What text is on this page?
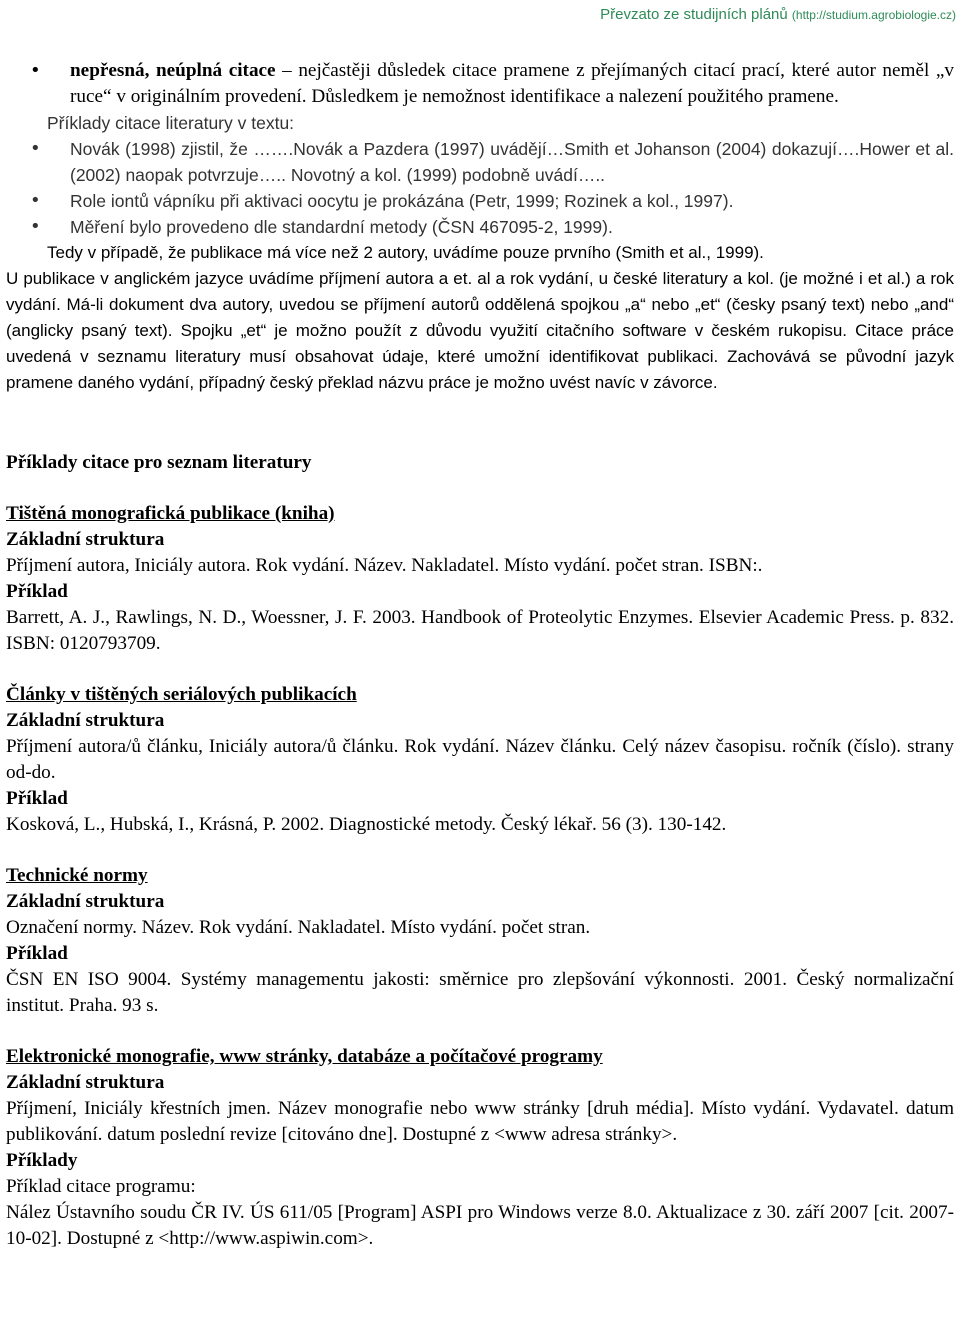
Převzato ze studijních plánů (http://studium.agrobiologie.cz)
• nepřesná, neúplná citace – nejčastěji důsledek citace pramene z přejímaných citací prací, které autor neměl „v ruce“ v originálním provedení. Důsledkem je nemožnost identifikace a nalezení použitého pramene.
Příklady citace literatury v textu:
• Novák (1998) zjistil, že …….Novák a Pazdera (1997) uvádějí…Smith et Johanson (2004) dokazují….Hower et al. (2002) naopak potvrzuje….. Novotný a kol. (1999) podobně uvádí…..
• Role iontů vápníku při aktivaci oocytu je prokázána (Petr, 1999; Rozinek a kol., 1997).
• Měření bylo provedeno dle standardní metody (ČSN 467095-2, 1999).
Tedy v případě, že publikace má více než 2 autory, uvádíme pouze prvního (Smith et al., 1999).
U publikace v anglickém jazyce uvádíme příjmení autora a et. al a rok vydání, u české literatury a kol. (je možné i et al.) a rok vydání. Má-li dokument dva autory, uvedou se příjmení autorů oddělená spojkou „a“ nebo „et“ (česky psaný text) nebo „and“ (anglicky psaný text). Spojku „et“ je možno použít z důvodu využití citačního software v českém rukopisu. Citace práce uvedená v seznamu literatury musí obsahovat údaje, které umožní identifikovat publikaci. Zachovává se původní jazyk pramene daného vydání, případný český překlad názvu práce je možno uvést navíc v závorce.
Příklady citace pro seznam literatury
Tištěná monografická publikace (kniha)
Základní struktura
Příjmení autora, Iniciály autora. Rok vydání. Název. Nakladatel. Místo vydání. počet stran. ISBN:.
Příklad
Barrett, A. J., Rawlings, N. D., Woessner, J. F. 2003. Handbook of Proteolytic Enzymes. Elsevier Academic Press. p. 832. ISBN: 0120793709.
Články v tištěných seriálových publikacích
Základní struktura
Příjmení autora/ů článku, Iniciály autora/ů článku. Rok vydání. Název článku. Celý název časopisu. ročník (číslo). strany od-do.
Příklad
Kosková, L., Hubská, I., Krásná, P. 2002. Diagnostické metody. Český lékař. 56 (3). 130-142.
Technické normy
Základní struktura
Označení normy. Název. Rok vydání. Nakladatel. Místo vydání. počet stran.
Příklad
ČSN EN ISO 9004. Systémy managementu jakosti: směrnice pro zlepšování výkonnosti. 2001. Český normalizační institut. Praha. 93 s.
Elektronické monografie, www stránky, databáze a počítačové programy
Základní struktura
Příjmení, Iniciály křestních jmen. Název monografie nebo www stránky [druh média]. Místo vydání. Vydavatel. datum publikování. datum poslední revize [citováno dne]. Dostupné z <www adresa stránky>.
Příklady
Příklad citace programu:
Nález Ústavního soudu ČR IV. ÚS 611/05 [Program] ASPI pro Windows verze 8.0. Aktualizace z 30. září 2007 [cit. 2007-10-02]. Dostupné z <http://www.aspiwin.com>.
